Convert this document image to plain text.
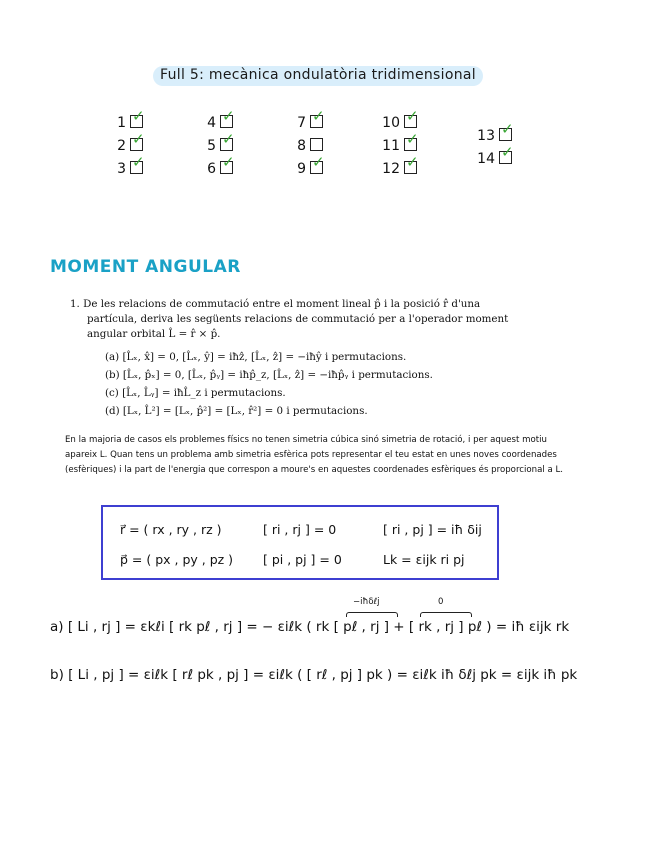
Full 5: mecànica ondulatòria tridimensional
1 ✓
2 ✓
3 ✓
4 ✓
5 ✓
6 ✓
7 ✓
8
9 ✓
10 ✓
11 ✓
12 ✓
13 ✓
14 ✓
MOMENT ANGULAR

1. De les relacions de commutació entre el moment lineal p̂ i la posició r̂ d'una partícula, deriva les següents relacions de commutació per a l'operador moment angular orbital L̂ = r̂ × p̂.

(a) [L̂ₓ, x̂] = 0, [L̂ₓ, ŷ] = iħẑ, [L̂ₓ, ẑ] = −iħŷ i permutacions.

(b) [L̂ₓ, p̂ₓ] = 0, [L̂ₓ, p̂ᵧ] = iħp̂_z, [L̂ₓ, ẑ] = −iħp̂ᵧ i permutacions.

(c) [L̂ₓ, L̂ᵧ] = iħL̂_z i permutacions.

(d) [Lₓ, L̂²] = [Lₓ, p̂²] = [Lₓ, r̂²] = 0 i permutacions.

En la majoria de casos els problemes físics no tenen simetria cúbica sinó simetria de rotació, i per aquest motiu apareix L. Quan tens un problema amb simetria esfèrica pots representar el teu estat en unes noves coordenades (esfèriques) i la part de l'energia que correspon a moure's en aquestes coordenades esfèriques és proporcional a L.
r⃗ = ( rx , ry , rz )
p⃗ = ( px , py , pz )
[ ri , rj ] = 0
[ pi , pj ] = 0
[ ri , pj ] = iħ δij
Lk = εijk ri pj
−iħδℓj	0
a) [ Li , rj ] = εkℓi [ rk pℓ , rj ] = − εiℓk ( rk [ pℓ , rj ] + [ rk , rj ] pℓ ) = iħ εijk rk
b) [ Li , pj ] = εiℓk [ rℓ pk , pj ] = εiℓk ( [ rℓ , pj ] pk ) = εiℓk iħ δℓj pk = εijk iħ pk
